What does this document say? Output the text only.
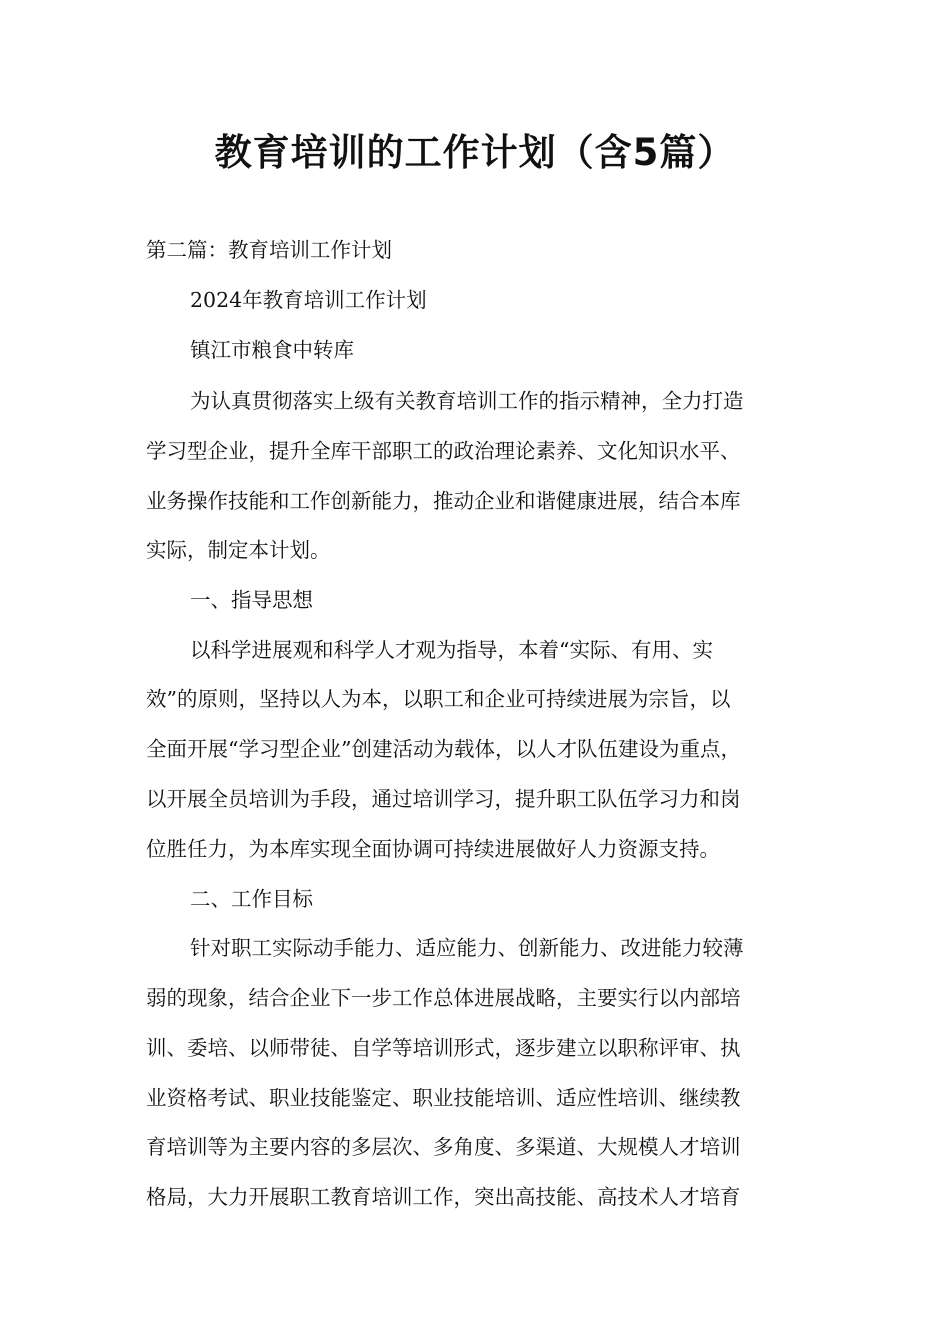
教育培训的工作计划（含5篇）
第二篇：教育培训工作计划
2024年教育培训工作计划
镇江市粮食中转库
为认真贯彻落实上级有关教育培训工作的指示精神，全力打造
学习型企业，提升全库干部职工的政治理论素养、文化知识水平、
业务操作技能和工作创新能力，推动企业和谐健康进展，结合本库
实际，制定本计划。
一、指导思想
以科学进展观和科学人才观为指导，本着“实际、有用、实
效”的原则，坚持以人为本，以职工和企业可持续进展为宗旨，以
全面开展“学习型企业”创建活动为载体，以人才队伍建设为重点，
以开展全员培训为手段，通过培训学习，提升职工队伍学习力和岗
位胜任力，为本库实现全面协调可持续进展做好人力资源支持。
二、工作目标
针对职工实际动手能力、适应能力、创新能力、改进能力较薄
弱的现象，结合企业下一步工作总体进展战略，主要实行以内部培
训、委培、以师带徒、自学等培训形式，逐步建立以职称评审、执
业资格考试、职业技能鉴定、职业技能培训、适应性培训、继续教
育培训等为主要内容的多层次、多角度、多渠道、大规模人才培训
格局，大力开展职工教育培训工作，突出高技能、高技术人才培育
